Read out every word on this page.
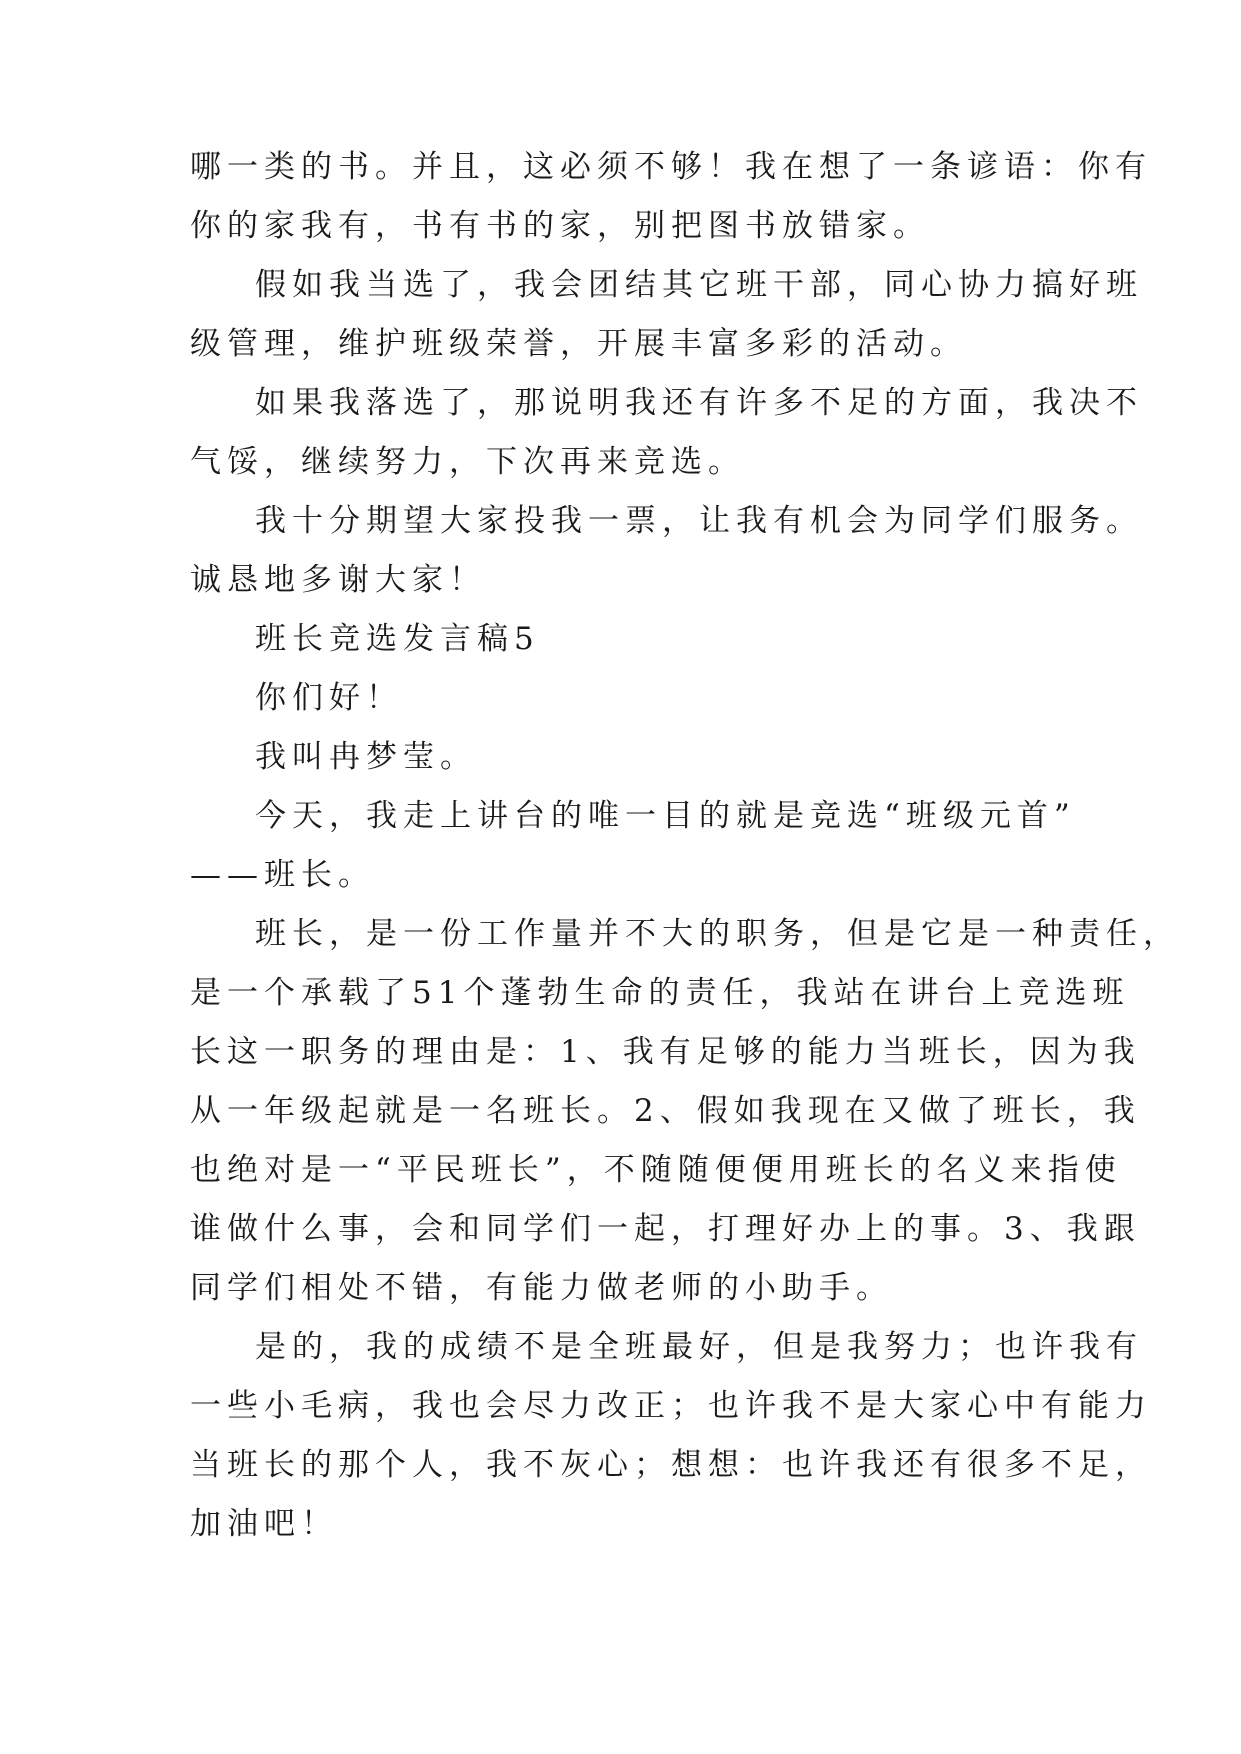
哪一类的书。并且，这必须不够！我在想了一条谚语：你有
你的家我有，书有书的家，别把图书放错家。
假如我当选了，我会团结其它班干部，同心协力搞好班
级管理，维护班级荣誉，开展丰富多彩的活动。
如果我落选了，那说明我还有许多不足的方面，我决不
气馁，继续努力，下次再来竞选。
我十分期望大家投我一票，让我有机会为同学们服务。
诚恳地多谢大家！
班长竞选发言稿5
你们好！
我叫冉梦莹。
今天，我走上讲台的唯一目的就是竞选“班级元首”
——班长。
班长，是一份工作量并不大的职务，但是它是一种责任，
是一个承载了51个蓬勃生命的责任，我站在讲台上竞选班
长这一职务的理由是：1、我有足够的能力当班长，因为我
从一年级起就是一名班长。2、假如我现在又做了班长，我
也绝对是一“平民班长”，不随随便便用班长的名义来指使
谁做什么事，会和同学们一起，打理好办上的事。3、我跟
同学们相处不错，有能力做老师的小助手。
是的，我的成绩不是全班最好，但是我努力；也许我有
一些小毛病，我也会尽力改正；也许我不是大家心中有能力
当班长的那个人，我不灰心；想想：也许我还有很多不足，
加油吧！
